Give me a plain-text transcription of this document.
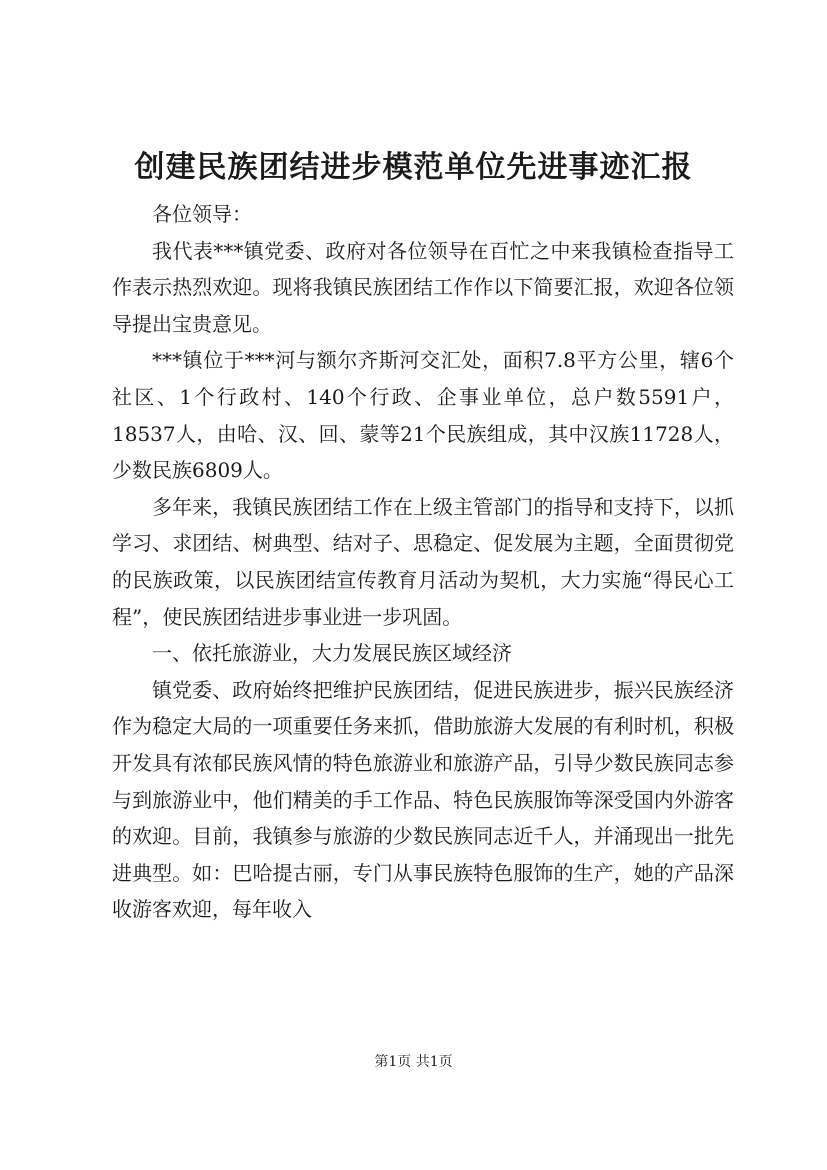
创建民族团结进步模范单位先进事迹汇报

各位领导：

我代表***镇党委、政府对各位领导在百忙之中来我镇检查指导工作表示热烈欢迎。现将我镇民族团结工作作以下简要汇报，欢迎各位领导提出宝贵意见。

***镇位于***河与额尔齐斯河交汇处，面积7.8平方公里，辖6个社区、1个行政村、140个行政、企事业单位，总户数5591户，18537人，由哈、汉、回、蒙等21个民族组成，其中汉族11728人，少数民族6809人。

多年来，我镇民族团结工作在上级主管部门的指导和支持下，以抓学习、求团结、树典型、结对子、思稳定、促发展为主题，全面贯彻党的民族政策，以民族团结宣传教育月活动为契机，大力实施“得民心工程”，使民族团结进步事业进一步巩固。

一、依托旅游业，大力发展民族区域经济

镇党委、政府始终把维护民族团结，促进民族进步，振兴民族经济作为稳定大局的一项重要任务来抓，借助旅游大发展的有利时机，积极开发具有浓郁民族风情的特色旅游业和旅游产品，引导少数民族同志参与到旅游业中，他们精美的手工作品、特色民族服饰等深受国内外游客的欢迎。目前，我镇参与旅游的少数民族同志近千人，并涌现出一批先进典型。如：巴哈提古丽，专门从事民族特色服饰的生产，她的产品深收游客欢迎，每年收入

第1页 共1页
